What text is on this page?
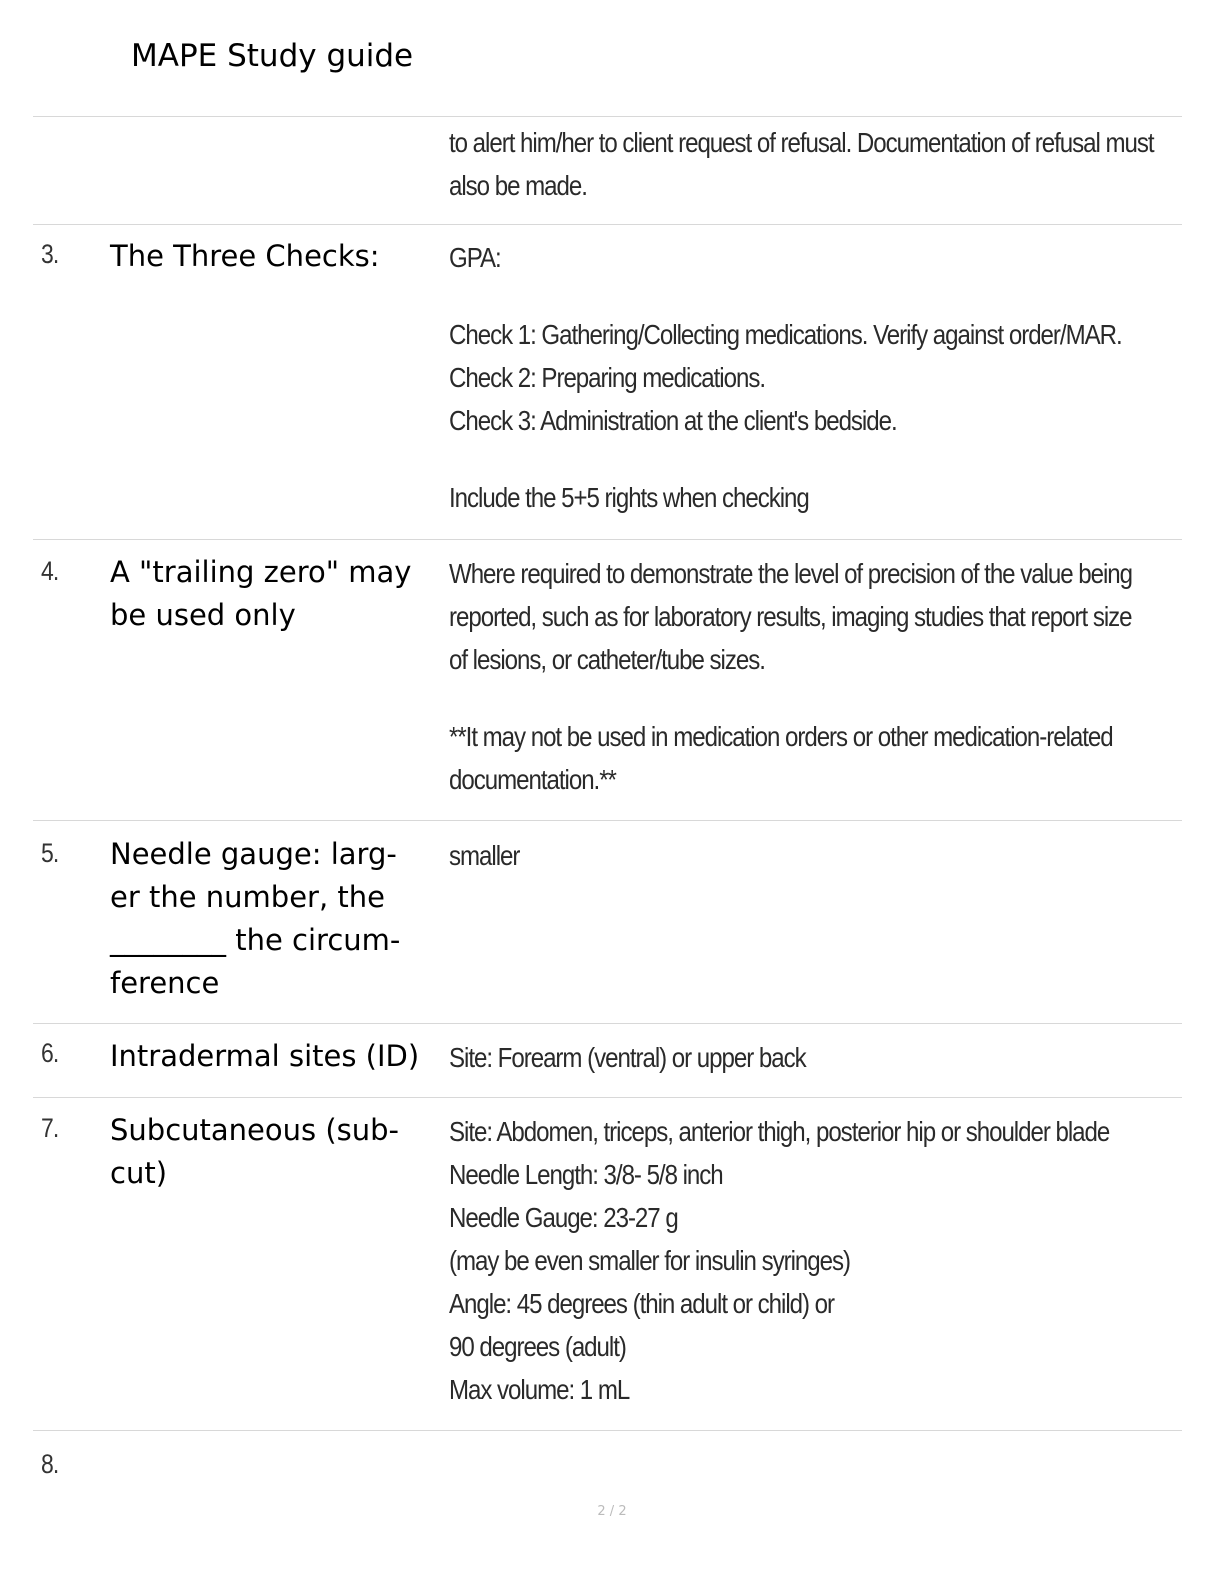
MAPE Study guide
to alert him/her to client request of refusal. Documentation of refusal must
also be made.
3. The Three Checks:	GPA:
Check 1: Gathering/Collecting medications. Verify against order/MAR.
Check 2: Preparing medications.
Check 3: Administration at the client's bedside.
Include the 5+5 rights when checking
4. A "trailing zero" may
be used only
Where required to demonstrate the level of precision of the value being
reported, such as for laboratory results, imaging studies that report size
of lesions, or catheter/tube sizes.
**It may not be used in medication orders or other medication-related
documentation.**
5. Needle gauge: larg-
er the number, the
________ the circum-
ference
smaller
6. Intradermal sites (ID)	Site: Forearm (ventral) or upper back
7. Subcutaneous (sub-
cut)
Site: Abdomen, triceps, anterior thigh, posterior hip or shoulder blade
Needle Length: 3/8- 5/8 inch
Needle Gauge: 23-27 g
(may be even smaller for insulin syringes)
Angle: 45 degrees (thin adult or child) or
90 degrees (adult)
Max volume: 1 mL
8.
2 / 2
